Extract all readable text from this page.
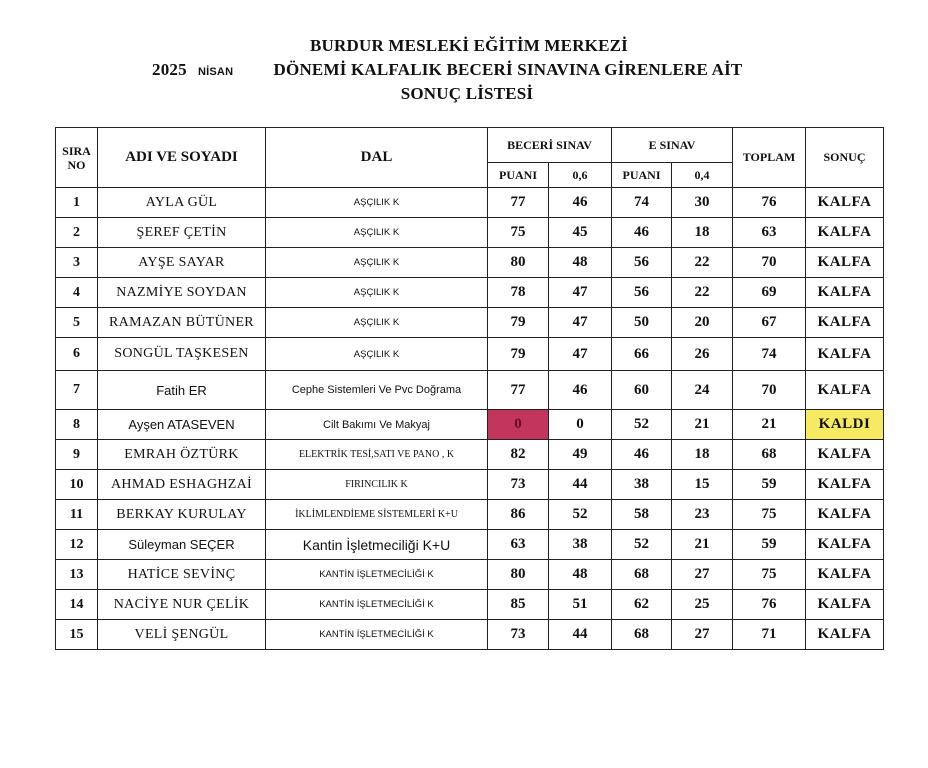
BURDUR MESLEKİ EĞİTİM MERKEZİ
2025 NİSAN DÖNEMİ KALFALIK BECERİ SINAVINA GİRENLERE AİT
SONUÇ LİSTESİ
SIRA
NO	ADI VE SOYADI	DAL	BECERİ SINAV		E SINAV		TOPLAM	SONUÇ
			PUANI	0,6	PUANI	0,4		
1	AYLA GÜL	AŞÇILIK K	77	46	74	30	76	KALFA
2	ŞEREF ÇETİN	AŞÇILIK K	75	45	46	18	63	KALFA
3	AYŞE SAYAR	AŞÇILIK K	80	48	56	22	70	KALFA
4	NAZMİYE SOYDAN	AŞÇILIK K	78	47	56	22	69	KALFA
5	RAMAZAN BÜTÜNER	AŞÇILIK K	79	47	50	20	67	KALFA
6	SONGÜL TAŞKESEN	AŞÇILIK K	79	47	66	26	74	KALFA
7	Fatih ER	Cephe Sistemleri Ve Pvc Doğrama	77	46	60	24	70	KALFA
8	Ayşen ATASEVEN	Cilt Bakımı Ve Makyaj	0	0	52	21	21	KALDI
9	EMRAH ÖZTÜRK	ELEKTRİK TESİ,SATI VE PANO , K	82	49	46	18	68	KALFA
10	AHMAD ESHAGHZAİ	FIRINCILIK K	73	44	38	15	59	KALFA
11	BERKAY KURULAY	İKLİMLENDİEME SİSTEMLERİ K+U	86	52	58	23	75	KALFA
12	Süleyman SEÇER	Kantin İşletmeciliği K+U	63	38	52	21	59	KALFA
13	HATİCE SEVİNÇ	KANTİN İŞLETMECİLİĞİ K	80	48	68	27	75	KALFA
14	NACİYE NUR ÇELİK	KANTİN İŞLETMECİLİĞİ K	85	51	62	25	76	KALFA
15	VELİ ŞENGÜL	KANTİN İŞLETMECİLİĞİ K	73	44	68	27	71	KALFA
